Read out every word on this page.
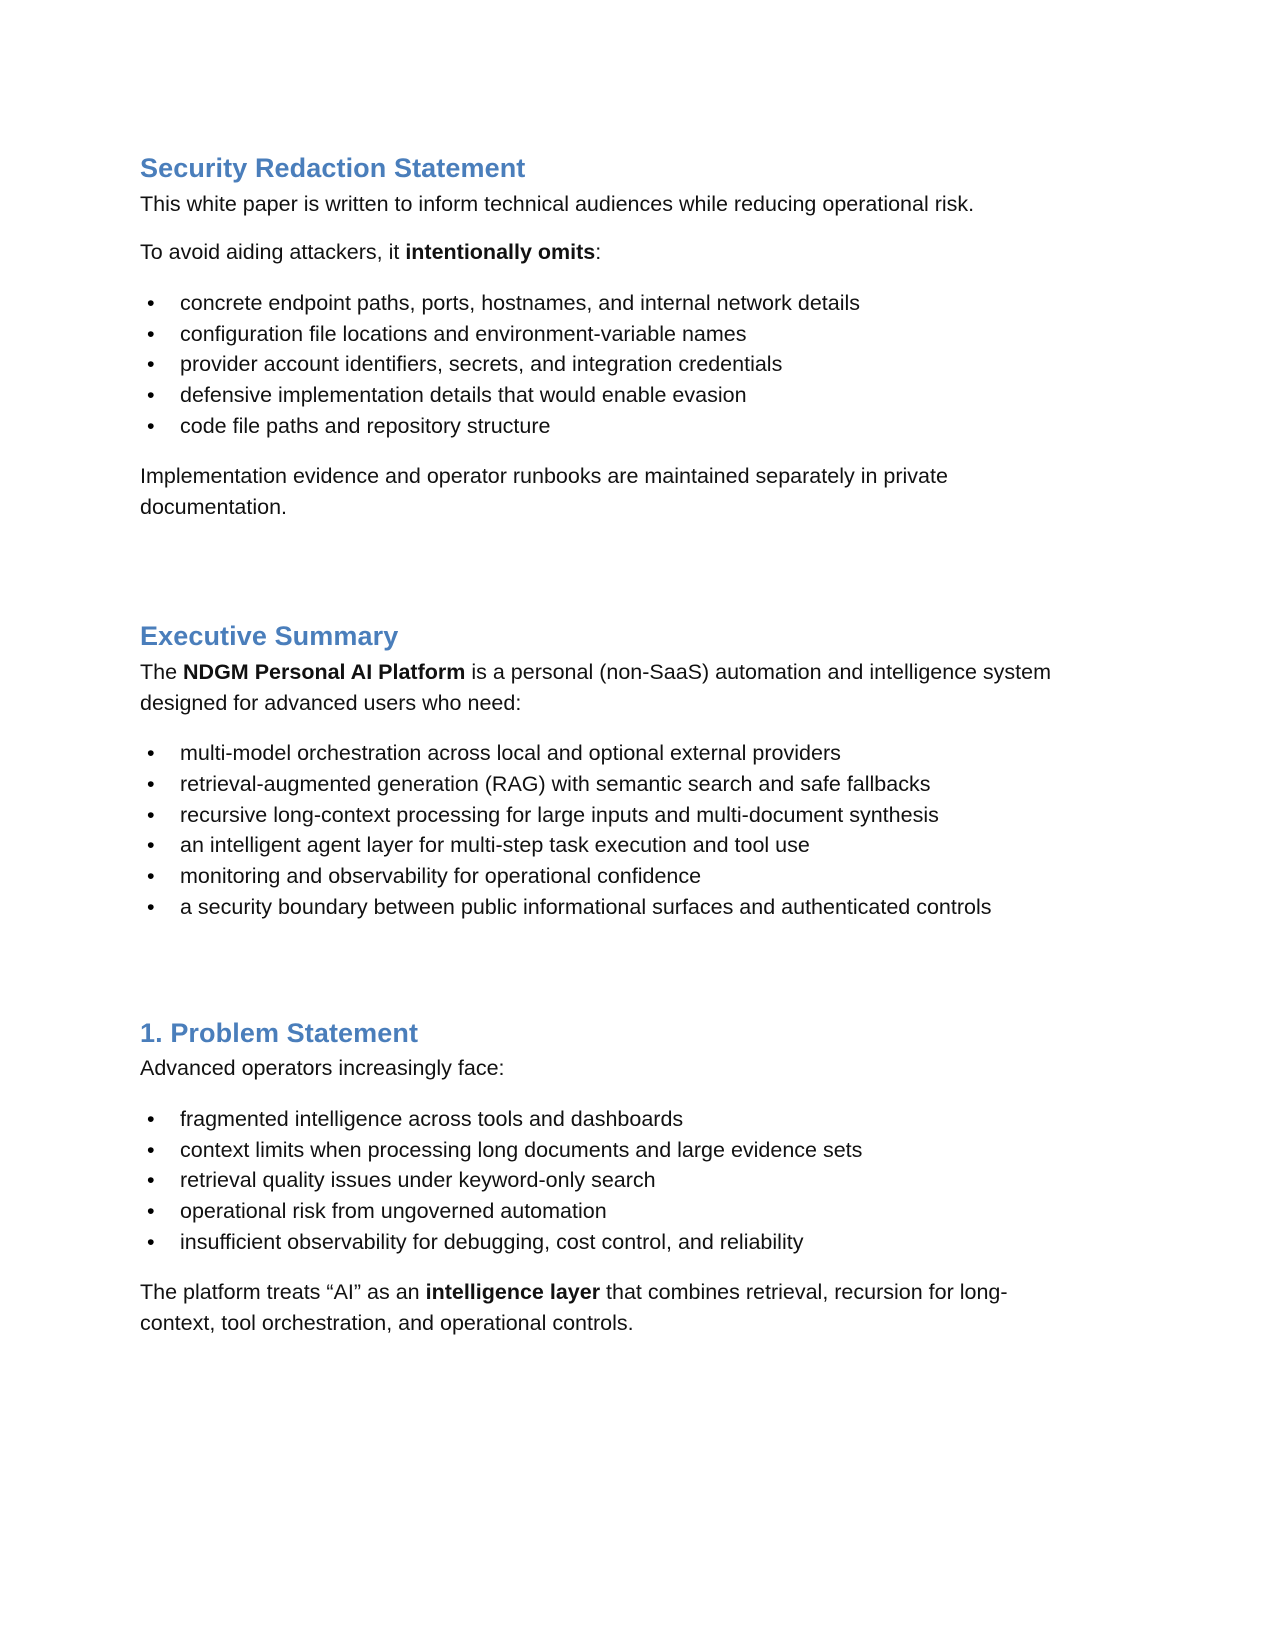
Security Redaction Statement

This white paper is written to inform technical audiences while reducing operational risk.

To avoid aiding attackers, it intentionally omits:

• concrete endpoint paths, ports, hostnames, and internal network details
• configuration file locations and environment-variable names
• provider account identifiers, secrets, and integration credentials
• defensive implementation details that would enable evasion
• code file paths and repository structure

Implementation evidence and operator runbooks are maintained separately in private documentation.

Executive Summary

The NDGM Personal AI Platform is a personal (non-SaaS) automation and intelligence system designed for advanced users who need:

• multi-model orchestration across local and optional external providers
• retrieval-augmented generation (RAG) with semantic search and safe fallbacks
• recursive long-context processing for large inputs and multi-document synthesis
• an intelligent agent layer for multi-step task execution and tool use
• monitoring and observability for operational confidence
• a security boundary between public informational surfaces and authenticated controls
1. Problem Statement

Advanced operators increasingly face:

• fragmented intelligence across tools and dashboards
• context limits when processing long documents and large evidence sets
• retrieval quality issues under keyword-only search
• operational risk from ungoverned automation
• insufficient observability for debugging, cost control, and reliability

The platform treats “AI” as an intelligence layer that combines retrieval, recursion for long-context, tool orchestration, and operational controls.
